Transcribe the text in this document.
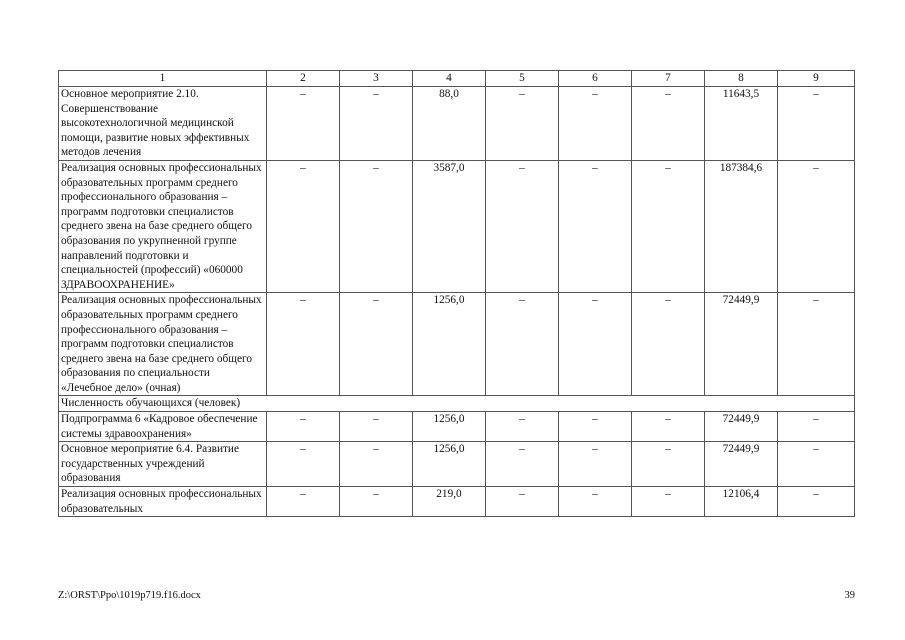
1	2	3	4	5	6	7	8	9
Основное мероприятие 2.10. Совершенствование высокотехнологичной медицинской помощи, развитие новых эффективных методов лечения	–	–	88,0	–	–	–	11643,5	–
Реализация основных профессиональных образовательных программ среднего профессионального образования – программ подготовки специалистов среднего звена на базе среднего общего образования по укрупненной группе направлений подготовки и специальностей (профессий) «060000 ЗДРАВООХРАНЕНИЕ»	–	–	3587,0	–	–	–	187384,6	–
Реализация основных профессиональных образовательных программ среднего профессионального образования – программ подготовки специалистов среднего звена на базе среднего общего образования по специальности «Лечебное дело» (очная)	–	–	1256,0	–	–	–	72449,9	–
Численность обучающихся (человек)								
Подпрограмма 6 «Кадровое обеспечение системы здравоохранения»	–	–	1256,0	–	–	–	72449,9	–
Основное мероприятие 6.4. Развитие государственных учреждений образования	–	–	1256,0	–	–	–	72449,9	–
Реализация основных профессиональных образовательных	–	–	219,0	–	–	–	12106,4	–
Z:\ORST\Ppo\1019p719.f16.docx	39
